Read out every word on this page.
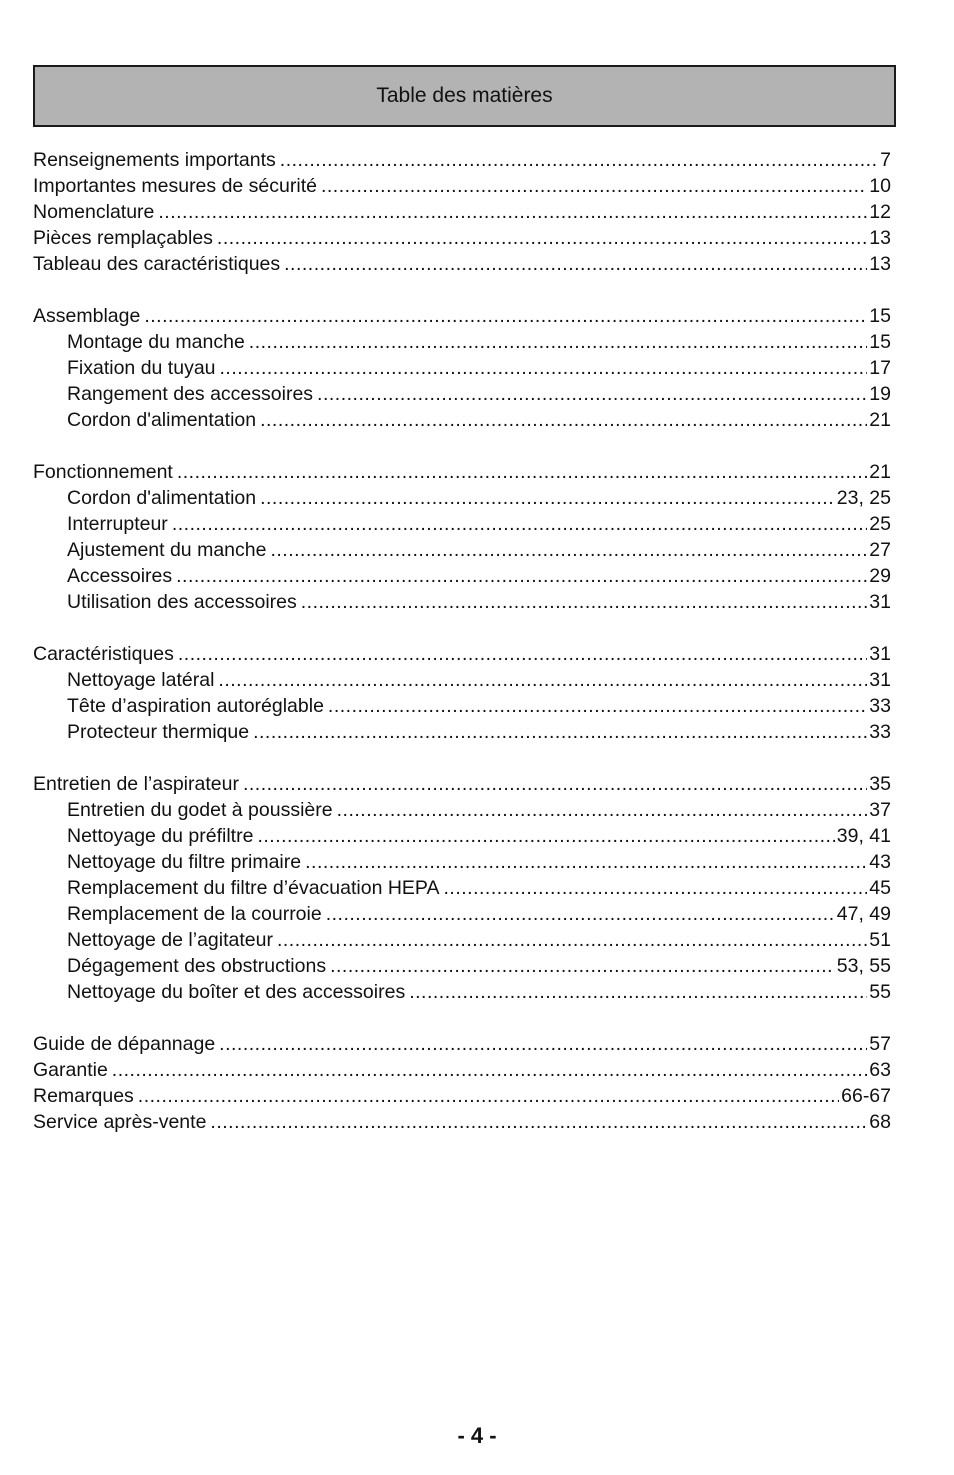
Table des matières
Renseignements importants .....	7
Importantes mesures de sécurité .....	10
Nomenclature .....	12
Pièces remplaçables .....	13
Tableau des caractéristiques .....	13
Assemblage .....	15
Montage du manche .....	15
Fixation du tuyau .....	17
Rangement des accessoires .....	19
Cordon d'alimentation .....	21
Fonctionnement .....	21
Cordon d'alimentation .....	23, 25
Interrupteur .....	25
Ajustement du manche .....	27
Accessoires .....	29
Utilisation des accessoires .....	31
Caractéristiques .....	31
Nettoyage latéral .....	31
Tête d’aspiration autoréglable .....	33
Protecteur thermique .....	33
Entretien de l’aspirateur .....	35
Entretien du godet à poussière .....	37
Nettoyage du préfiltre .....	39, 41
Nettoyage du filtre primaire .....	43
Remplacement du filtre d’évacuation HEPA .....	45
Remplacement de la courroie .....	47, 49
Nettoyage de l’agitateur .....	51
Dégagement des obstructions .....	53, 55
Nettoyage du boîter et des accessoires .....	55
Guide de dépannage .....	57
Garantie .....	63
Remarques .....	66-67
Service après-vente .....	68
- 4 -
